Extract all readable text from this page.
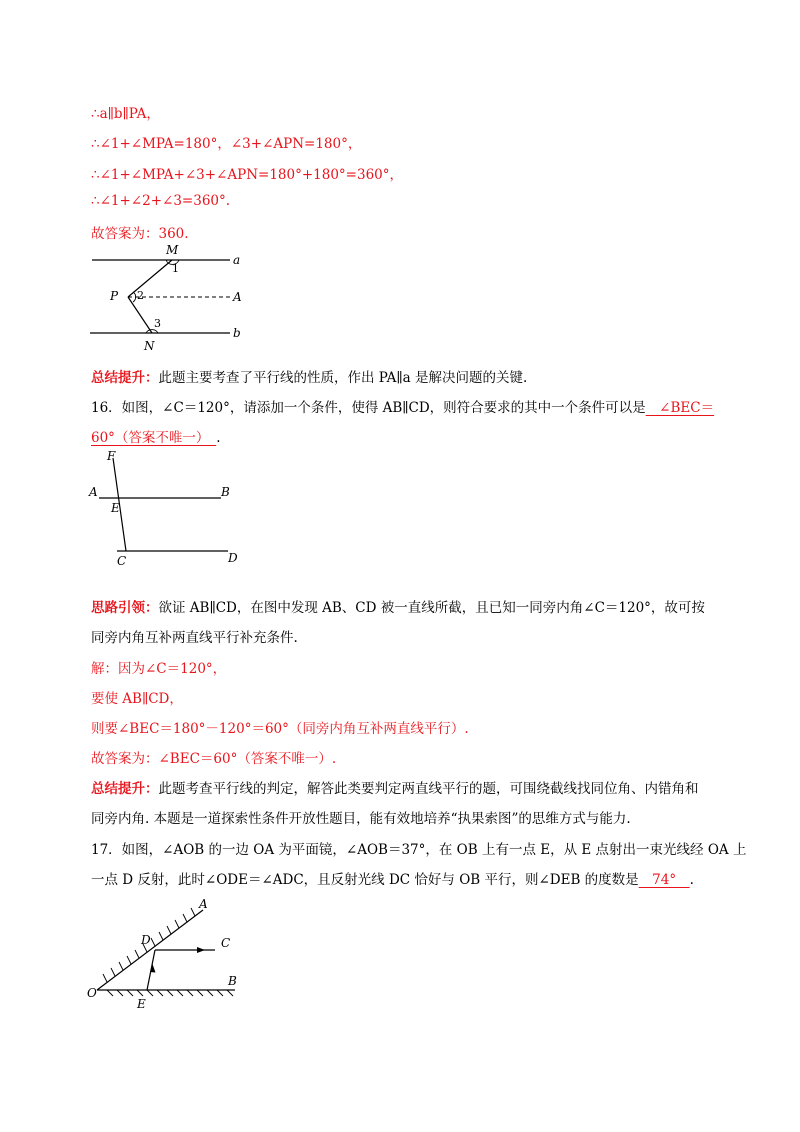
∴a∥b∥PA，
∴∠1+∠MPA=180°，∠3+∠APN=180°，
∴∠1+∠MPA+∠3+∠APN=180°+180°=360°，
∴∠1+∠2+∠3=360°.
故答案为：360.
M
1
a
P 2	A
3
b
N
总结提升：此题主要考查了平行线的性质，作出 PA∥a 是解决问题的关键.
16．如图，∠C＝120°，请添加一个条件，使得 AB∥CD，则符合要求的其中一个条件可以是　∠BEC＝
60°（答案不唯一）　.
F
A	B
E
C	D
思路引领：欲证 AB∥CD，在图中发现 AB、CD 被一直线所截，且已知一同旁内角∠C＝120°，故可按
同旁内角互补两直线平行补充条件.
解：因为∠C＝120°，
要使 AB∥CD，
则要∠BEC＝180°－120°＝60°（同旁内角互补两直线平行）.
故答案为：∠BEC＝60°（答案不唯一）.
总结提升：此题考查平行线的判定，解答此类要判定两直线平行的题，可围绕截线找同位角、内错角和
同旁内角. 本题是一道探索性条件开放性题目，能有效地培养“执果索图”的思维方式与能力.
17．如图，∠AOB 的一边 OA 为平面镜，∠AOB＝37°，在 OB 上有一点 E，从 E 点射出一束光线经 OA 上
一点 D 反射，此时∠ODE＝∠ADC，且反射光线 DC 恰好与 OB 平行，则∠DEB 的度数是　74°　.
A
D	C
B
O
E
